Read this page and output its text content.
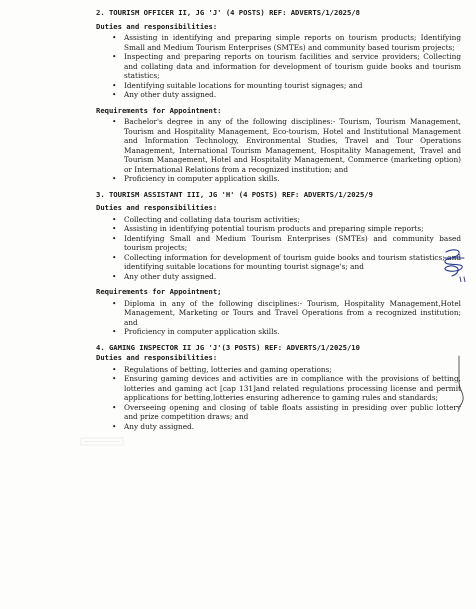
2. TOURISM OFFICER II, JG 'J' (4 POSTS) REF: ADVERTS/1/2025/8
Duties and responsibilities:
• Assisting in identifying and preparing simple reports on tourism products; Identifying Small and Medium Tourism Enterprises (SMTEs) and community based tourism projects;
• Inspecting and preparing reports on tourism facilities and service providers; Collecting and collating data and information for development of tourism guide books and tourism statistics;
• Identifying suitable locations for mounting tourist signages; and
• Any other duty assigned.
Requirements for Appointment:
• Bachelor's degree in any of the following disciplines:- Tourism, Tourism Management, Tourism and Hospitality Management, Eco-tourism, Hotel and Institutional Management and Information Technology, Environmental Studies, Travel and Tour Operations Management, International Tourism Management, Hospitality Management, Travel and Tourism Management, Hotel and Hospitality Management, Commerce (marketing option) or International Relations from a recognized institution; and
• Proficiency in computer application skills.
3. TOURISM ASSISTANT III, JG 'H' (4 POSTS) REF: ADVERTS/1/2025/9
Duties and responsibilities:
• Collecting and collating data tourism activities;
• Assisting in identifying potential tourism products and preparing simple reports;
• Identifying Small and Medium Tourism Enterprises (SMTEs) and community based tourism projects;
• Collecting information for development of tourism guide books and tourism statistics; and identifying suitable locations for mounting tourist signage's; and
• Any other duty assigned.
Requirements for Appointment;
• Diploma in any of the following disciplines:- Tourism, Hospitality Management,Hotel Management, Marketing or Tours and Travel Operations from a recognized institution; and
• Proficiency in computer application skills.
4. GAMING INSPECTOR II JG 'J'(3 POSTS) REF: ADVERTS/1/2025/10
Duties and responsibilities:
• Regulations of betting, lotteries and gaming operations;
• Ensuring gaming devices and activities are in compliance with the provisions of betting, lotteries and gaming act [cap 131]and related regulations processing license and permit applications for betting,lotteries ensuring adherence to gaming rules and standards;
• Overseeing opening and closing of table floats assisting in presiding over public lottery and prize competition draws; and
• Any duty assigned.
